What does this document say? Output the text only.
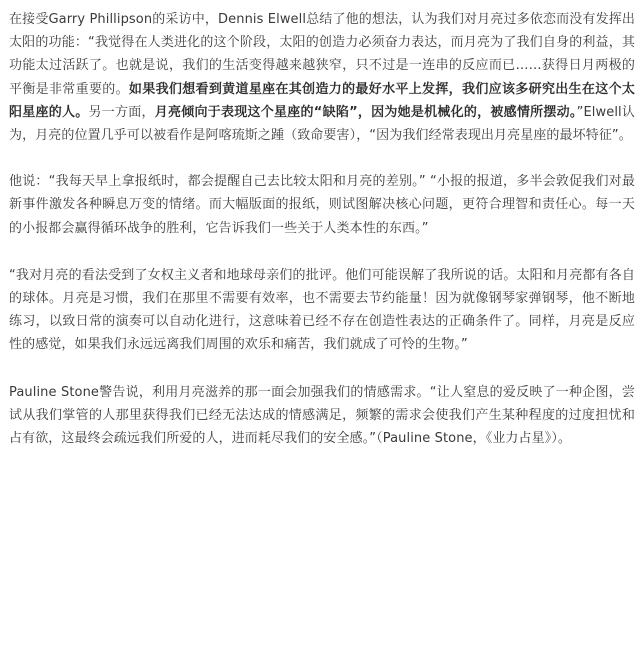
在接受Garry Phillipson的采访中，Dennis Elwell总结了他的想法，认为我们对月亮过多依恋而没有发挥出太阳的功能：“我觉得在人类进化的这个阶段，太阳的创造力必须奋力表达，而月亮为了我们自身的利益，其功能太过活跃了。也就是说，我们的生活变得越来越狭窄，只不过是一连串的反应而已……获得日月两极的平衡是非常重要的。如果我们想看到黄道星座在其创造力的最好水平上发挥，我们应该多研究出生在这个太阳星座的人。另一方面，月亮倾向于表现这个星座的“缺陷”，因为她是机械化的，被感情所摆动。”Elwell认为，月亮的位置几乎可以被看作是阿喀琉斯之踵（致命要害），“因为我们经常表现出月亮星座的最坏特征”。

他说：“我每天早上拿报纸时，都会提醒自己去比较太阳和月亮的差别。” “小报的报道，多半会敦促我们对最新事件激发各种瞬息万变的情绪。而大幅版面的报纸，则试图解决核心问题，更符合理智和责任心。每一天的小报都会赢得循环战争的胜利，它告诉我们一些关于人类本性的东西。”

“我对月亮的看法受到了女权主义者和地球母亲们的批评。他们可能误解了我所说的话。太阳和月亮都有各自的球体。月亮是习惯，我们在那里不需要有效率，也不需要去节约能量！因为就像钢琴家弹钢琴，他不断地练习，以致日常的演奏可以自动化进行，这意味着已经不存在创造性表达的正确条件了。同样，月亮是反应性的感觉，如果我们永远远离我们周围的欢乐和痛苦，我们就成了可怜的生物。”

Pauline Stone警告说，利用月亮滋养的那一面会加强我们的情感需求。“让人窒息的爱反映了一种企图，尝试从我们掌管的人那里获得我们已经无法达成的情感满足，频繁的需求会使我们产生某种程度的过度担忧和占有欲，这最终会疏远我们所爱的人，进而耗尽我们的安全感。”（Pauline Stone，《业力占星》）。
